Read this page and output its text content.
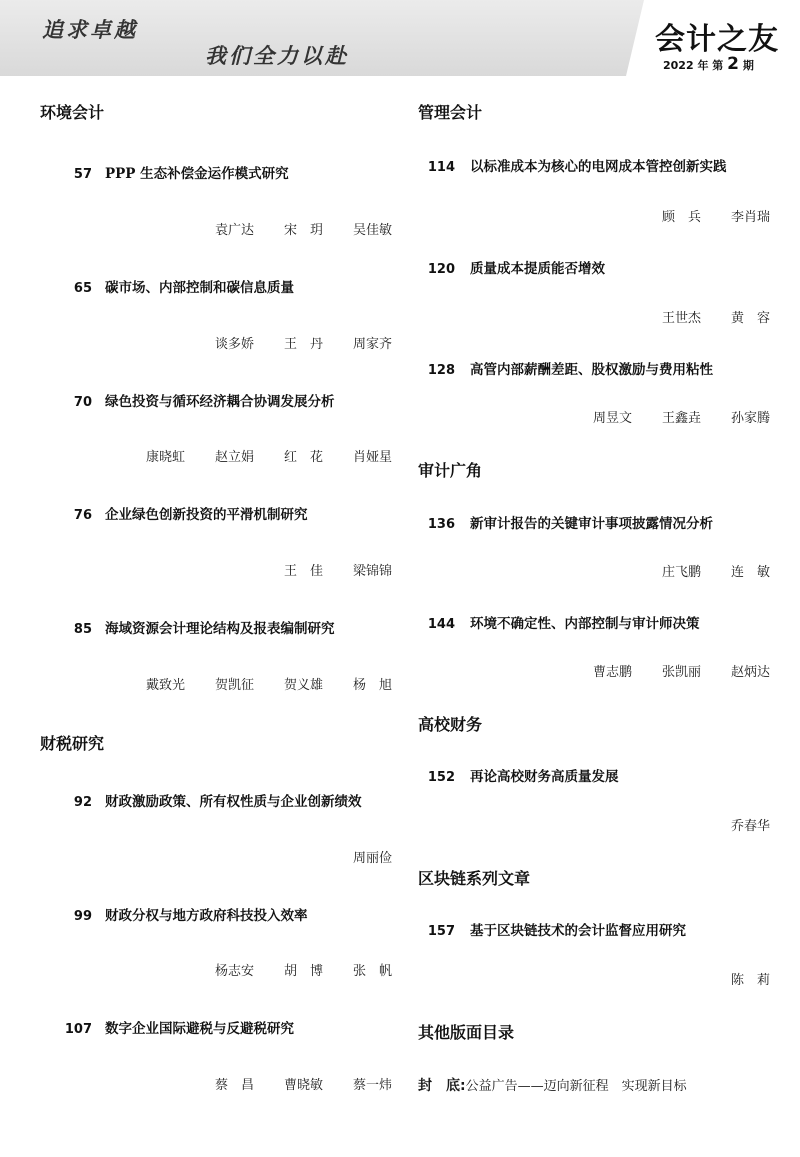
追求卓越
我们全力以赴	会计之友
2022 年 第 2 期
环境会计
57 PPP 生态补偿金运作模式研究
袁广达 宋　玥 吴佳敏
65 碳市场、内部控制和碳信息质量
谈多娇 王　丹 周家齐
70 绿色投资与循环经济耦合协调发展分析
康晓虹 赵立娟 红　花 肖娅星
76 企业绿色创新投资的平滑机制研究
王　佳 梁锦锦
85 海域资源会计理论结构及报表编制研究
戴致光 贺凯征 贺义雄 杨　旭
财税研究
92 财政激励政策、所有权性质与企业创新绩效
周丽俭
99 财政分权与地方政府科技投入效率
杨志安 胡　博 张　帆
107 数字企业国际避税与反避税研究
蔡　昌 曹晓敏 蔡一炜
管理会计
114 以标准成本为核心的电网成本管控创新实践
顾　兵 李肖瑞
120 质量成本提质能否增效
王世杰 黄　容
128 高管内部薪酬差距、股权激励与费用粘性
周昱文 王鑫垚 孙家腾
审计广角
136 新审计报告的关键审计事项披露情况分析
庄飞鹏 连　敏
144 环境不确定性、内部控制与审计师决策
曹志鹏 张凯丽 赵炳达
高校财务
152 再论高校财务高质量发展
乔春华
区块链系列文章
157 基于区块链技术的会计监督应用研究
陈　莉
其他版面目录
封　底:公益广告——迈向新征程　实现新目标
